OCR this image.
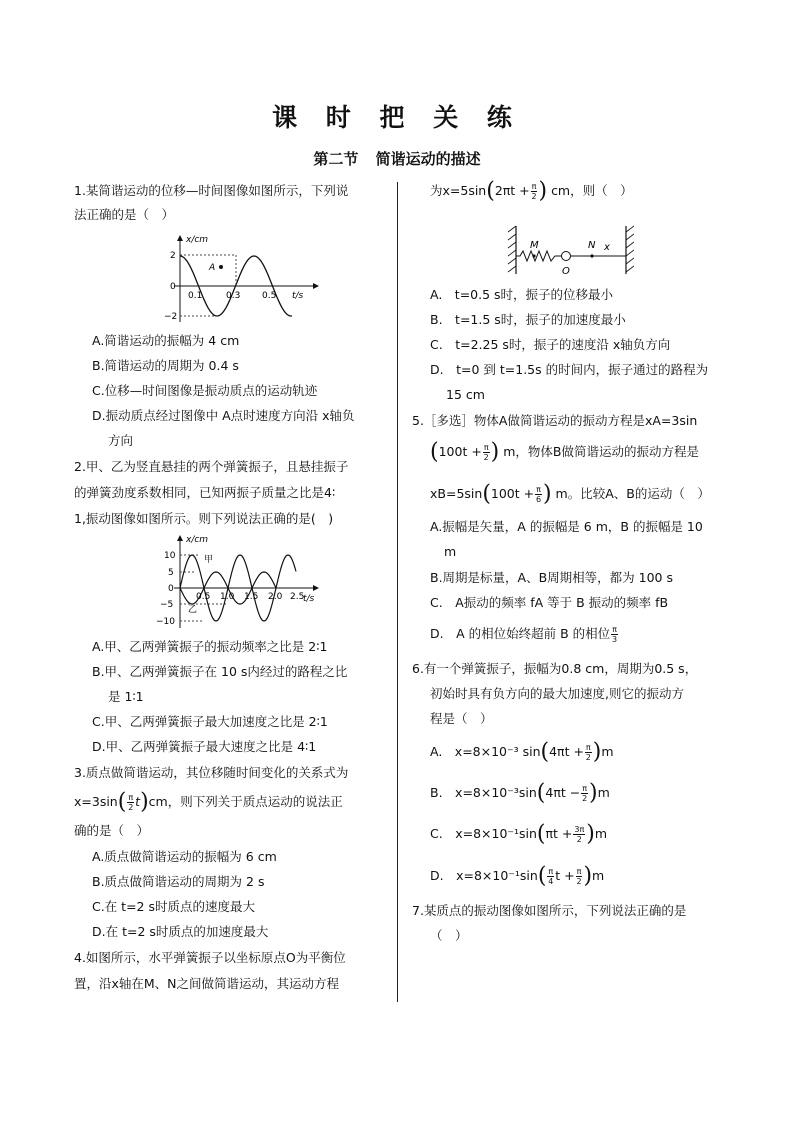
课 时 把 关 练
第二节 简谐运动的描述
1.某简谐运动的位移—时间图像如图所示，下列说
法正确的是（　）
x/cm
t/s
2
0
−2
0.1	0.3 0.5
A
A.简谐运动的振幅为 4 cm
B.简谐运动的周期为 0.4 s
C.位移—时间图像是振动质点的运动轨迹
D.振动质点经过图像中 A点时速度方向沿 x轴负
方向
2.甲、乙为竖直悬挂的两个弹簧振子，且悬挂振子
的弹簧劲度系数相同，已知两振子质量之比是4∶
1,振动图像如图所示。则下列说法正确的是(　)
x/cm
t/s
10
5
0
−5
−10
0.5 1.0 1.5 2.0 2.5
甲
乙
A.甲、乙两弹簧振子的振动频率之比是 2∶1
B.甲、乙两弹簧振子在 10 s内经过的路程之比
是 1∶1
C.甲、乙两弹簧振子最大加速度之比是 2∶1
D.甲、乙两弹簧振子最大速度之比是 4∶1
3.质点做简谐运动，其位移随时间变化的关系式为
$x=3\sin( \frac{\pi}{2} t)cm$，则下列关于质点运动的说法正
确的是（　）
A.质点做简谐运动的振幅为 6 cm
B.质点做简谐运动的周期为 2 s
C.在 t=2 s时质点的速度最大
D.在 t=2 s时质点的加速度最大
4.如图所示，水平弹簧振子以坐标原点O为平衡位
置，沿x轴在M、N之间做简谐运动，其运动方程
为$x=5\sin(2\pi t + \frac{\pi}{2}$ ) cm，则（　）
M
O
N x
A.　t=0.5 s时，振子的位移最小
B.　t=1.5 s时，振子的加速度最小
C.　t=2.25 s时，振子的速度沿 x轴负方向
D.　t=0 到 t=1.5s 的时间内，振子通过的路程为
15 cm
5.［多选］物体A做简谐运动的振动方程是xA=3sin
($100t + \frac{\pi}{2}$ ) m，物体B做简谐运动的振动方程是
$xB=5\sin(100t + \frac{\pi}{6}$ ) m。比较A、B的运动（　）
A.振幅是矢量，A 的振幅是 6 m，B 的振幅是 10
m
B.周期是标量，A、B周期相等，都为 100 s
C.　A振动的频率 fA 等于 B 振动的频率 fB
D.　A 的相位始终超前 B 的相位 $\frac{\pi}{3}$
6.有一个弹簧振子，振幅为0.8 cm，周期为0.5 s，
初始时具有负方向的最大加速度,则它的振动方
程是（　）
A.　x=8×10⁻³ $\sin(4\pi t + \frac{\pi}{2} )m$
B.　$x=8\times 10^{-3}\sin(4\pi t - \frac{\pi}{2} )m$
C.　$x=8\times 10^{-1}\sin(\pi t + \frac{3\pi}{2} )m$
D.　$x=8\times 10^{-1}\sin( \frac{\pi}{4}$ $t + \frac{\pi}{2} )m$
7.某质点的振动图像如图所示，下列说法正确的是
（　）
